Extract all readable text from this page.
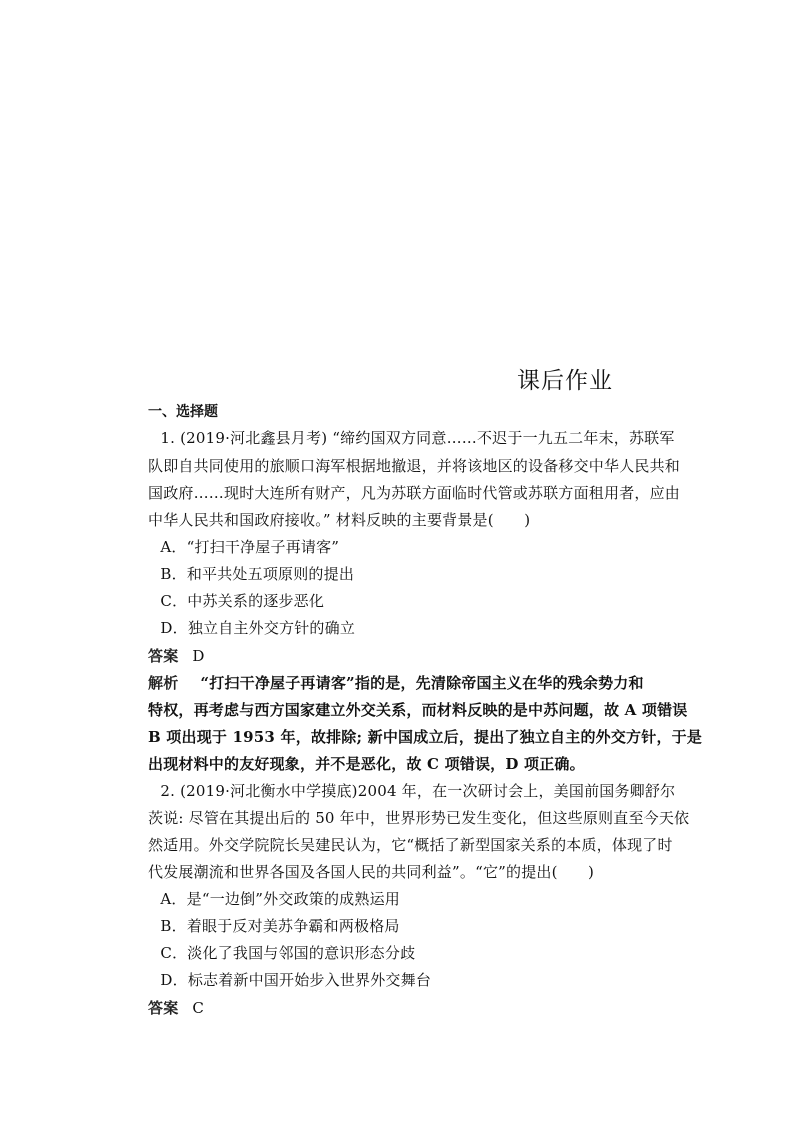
课后作业
一、选择题
　　1. (2019·河北鑫县月考) “缔约国双方同意……不迟于一九五二年末，苏联军
队即自共同使用的旅顺口海军根据地撤退，并将该地区的设备移交中华人民共和
国政府……现时大连所有财产，凡为苏联方面临时代管或苏联方面租用者，应由
中华人民共和国政府接收。” 材料反映的主要背景是(　　)
　　A．“打扫干净屋子再请客”
　　B．和平共处五项原则的提出
　　C．中苏关系的逐步恶化
　　D．独立自主外交方针的确立
答案 D
解析 “打扫干净屋子再请客”指的是，先清除帝国主义在华的残余势力和
特权，再考虑与西方国家建立外交关系，而材料反映的是中苏问题，故 A 项错误
B 项出现于 1953 年，故排除; 新中国成立后，提出了独立自主的外交方针，于是
出现材料中的友好现象，并不是恶化，故 C 项错误，D 项正确。
　　2. (2019·河北衡水中学摸底)2004 年，在一次研讨会上，美国前国务卿舒尔
茨说: 尽管在其提出后的 50 年中，世界形势已发生变化，但这些原则直至今天依
然适用。外交学院院长吴建民认为，它“概括了新型国家关系的本质，体现了时
代发展潮流和世界各国及各国人民的共同利益”。“它”的提出(　　)
　　A．是“一边倒”外交政策的成熟运用
　　B．着眼于反对美苏争霸和两极格局
　　C．淡化了我国与邻国的意识形态分歧
　　D．标志着新中国开始步入世界外交舞台
答案 C
